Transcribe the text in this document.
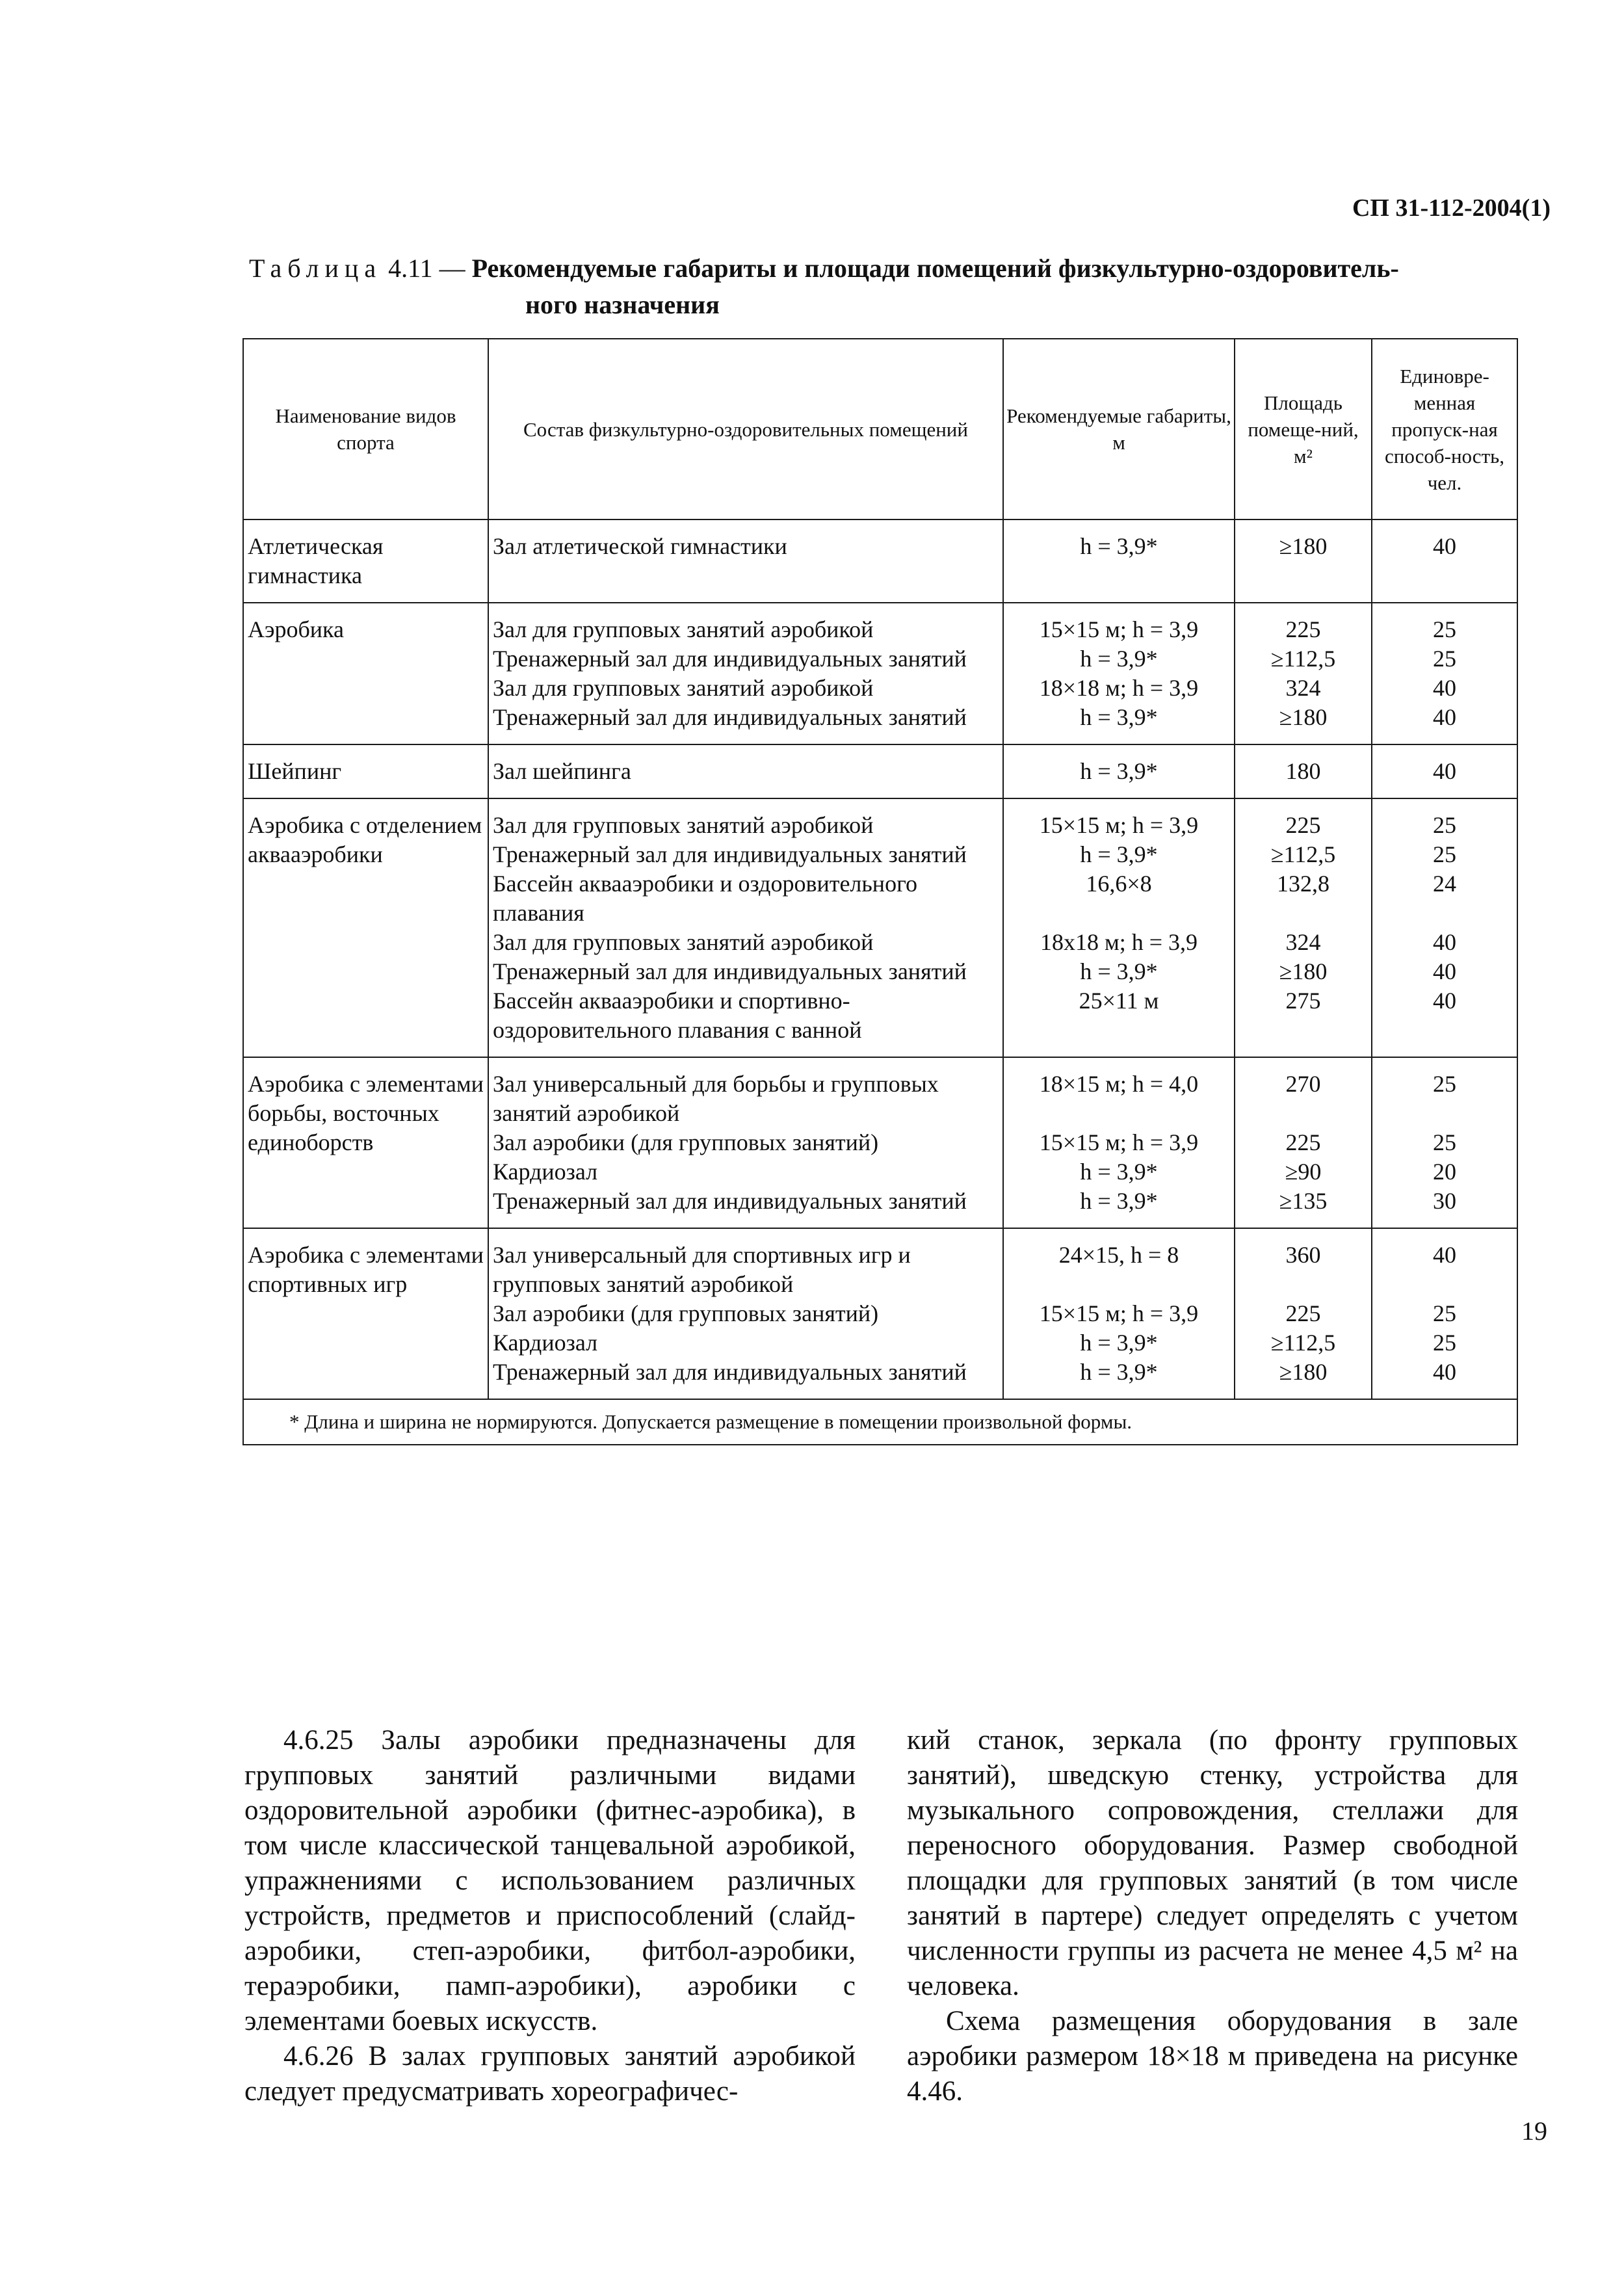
СП 31-112-2004(1)
Таблица 4.11 — Рекомендуемые габариты и площади помещений физкультурно-оздоровитель-
ного назначения
Наименование видов спорта	Состав физкультурно-оздоровительных помещений	Рекомендуемые габариты, м	Площадь помеще-ний, м²	Единовре-менная пропуск-ная способ-ность, чел.
Атлетическая гимнастика	Зал атлетической гимнастики	h = 3,9*	≥180	40
Аэробика	Зал для групповых занятий аэробикой	15×15 м; h = 3,9	225	25
	Тренажерный зал для индивидуальных занятий	h = 3,9*	≥112,5	25
	Зал для групповых занятий аэробикой	18×18 м; h = 3,9	324	40
	Тренажерный зал для индивидуальных занятий	h = 3,9*	≥180	40
Шейпинг	Зал шейпинга	h = 3,9*	180	40
Аэробика с отделением аквааэробики	Зал для групповых занятий аэробикой	15×15 м; h = 3,9	225	25
	Тренажерный зал для индивидуальных занятий	h = 3,9*	≥112,5	25
	Бассейн аквааэробики и оздоровительного плавания	16,6×8	132,8	24
	Зал для групповых занятий аэробикой	18x18 м; h = 3,9	324	40
	Тренажерный зал для индивидуальных занятий	h = 3,9*	≥180	40
	Бассейн аквааэробики и спортивно-оздоровительного плавания с ванной	25×11 м	275	40
Аэробика с элементами борьбы, восточных единоборств	Зал универсальный для борьбы и групповых занятий аэробикой	18×15 м; h = 4,0	270	25
	Зал аэробики (для групповых занятий)	15×15 м; h = 3,9	225	25
	Кардиозал	h = 3,9*	≥90	20
	Тренажерный зал для индивидуальных занятий	h = 3,9*	≥135	30
Аэробика с элементами спортивных игр	Зал универсальный для спортивных игр и групповых занятий аэробикой	24×15, h = 8	360	40
	Зал аэробики (для групповых занятий)	15×15 м; h = 3,9	225	25
	Кардиозал	h = 3,9*	≥112,5	25
	Тренажерный зал для индивидуальных занятий	h = 3,9*	≥180	40
* Длина и ширина не нормируются. Допускается размещение в помещении произвольной формы.				

4.6.25 Залы аэробики предназначены для групповых занятий различными видами оздоровительной аэробики (фитнес-аэробика), в том числе классической танцевальной аэробикой, упражнениями с использованием различных устройств, предметов и приспособлений (слайд-аэробики, степ-аэробики, фитбол-аэробики, тераэробики, памп-аэробики), аэробики с элементами боевых искусств.

4.6.26 В залах групповых занятий аэробикой следует предусматривать хореографичес-

кий станок, зеркала (по фронту групповых занятий), шведскую стенку, устройства для музыкального сопровождения, стеллажи для переносного оборудования. Размер свободной площадки для групповых занятий (в том числе занятий в партере) следует определять с учетом численности группы из расчета не менее 4,5 м² на человека.

Схема размещения оборудования в зале аэробики размером 18×18 м приведена на рисунке 4.46.

19
